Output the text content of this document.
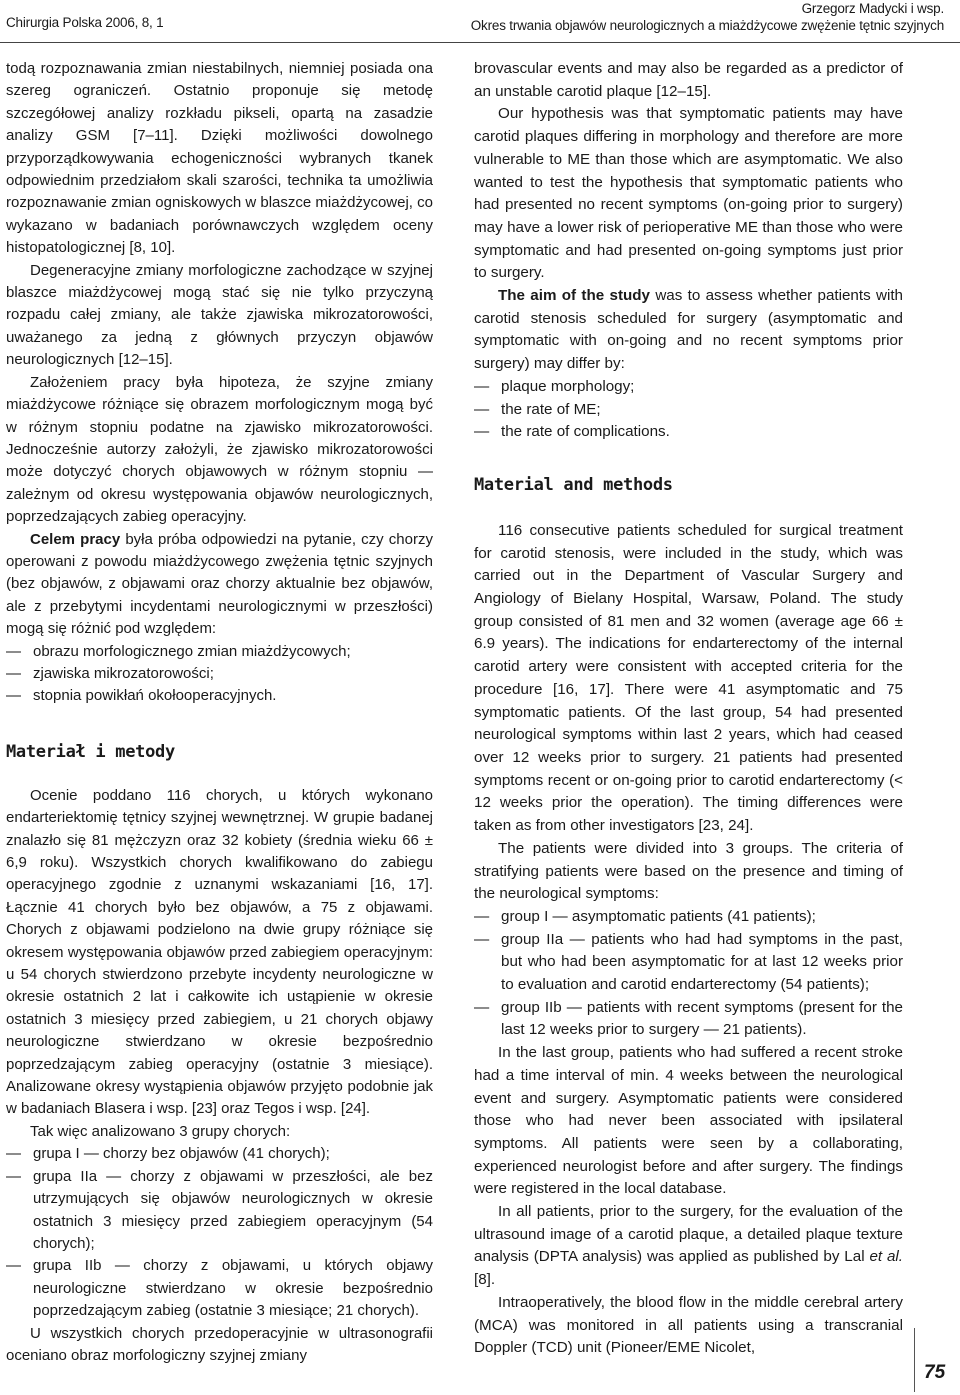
Chirurgia Polska 2006, 8, 1
Grzegorz Madycki i wsp.
Okres trwania objawów neurologicznych a miażdżycowe zwężenie tętnic szyjnych

todą rozpoznawania zmian niestabilnych, niemniej posiada ona szereg ograniczeń. Ostatnio proponuje się metodę szczegółowej analizy rozkładu pikseli, opartą na zasadzie analizy GSM [7–11]. Dzięki możliwości dowolnego przyporządkowywania echogeniczności wybranych tkanek odpowiednim przedziałom skali szarości, technika ta umożliwia rozpoznawanie zmian ogniskowych w blaszce miażdżycowej, co wykazano w badaniach porównawczych względem oceny histopatologicznej [8, 10].

Degeneracyjne zmiany morfologiczne zachodzące w szyjnej blaszce miażdżycowej mogą stać się nie tylko przyczyną rozpadu całej zmiany, ale także zjawiska mikrozatorowości, uważanego za jedną z głównych przyczyn objawów neurologicznych [12–15].

Założeniem pracy była hipoteza, że szyjne zmiany miażdżycowe różniące się obrazem morfologicznym mogą być w różnym stopniu podatne na zjawisko mikrozatorowości. Jednocześnie autorzy założyli, że zjawisko mikrozatorowości może dotyczyć chorych objawowych w różnym stopniu — zależnym od okresu występowania objawów neurologicznych, poprzedzających zabieg operacyjny.

Celem pracy była próba odpowiedzi na pytanie, czy chorzy operowani z powodu miażdżycowego zwężenia tętnic szyjnych (bez objawów, z objawami oraz chorzy aktualnie bez objawów, ale z przebytymi incydentami neurologicznymi w przeszłości) mogą się różnić pod względem:

— obrazu morfologicznego zmian miażdżycowych;
— zjawiska mikrozatorowości;
— stopnia powikłań okołooperacyjnych.
Materiał i metody

Ocenie poddano 116 chorych, u których wykonano endarteriektomię tętnicy szyjnej wewnętrznej. W grupie badanej znalazło się 81 mężczyzn oraz 32 kobiety (średnia wieku 66 ± 6,9 roku). Wszystkich chorych kwalifikowano do zabiegu operacyjnego zgodnie z uznanymi wskazaniami [16, 17]. Łącznie 41 chorych było bez objawów, a 75 z objawami. Chorych z objawami podzielono na dwie grupy różniące się okresem występowania objawów przed zabiegiem operacyjnym: u 54 chorych stwierdzono przebyte incydenty neurologiczne w okresie ostatnich 2 lat i całkowite ich ustąpienie w okresie ostatnich 3 miesięcy przed zabiegiem, u 21 chorych objawy neurologiczne stwierdzano w okresie bezpośrednio poprzedzającym zabieg operacyjny (ostatnie 3 miesiące). Analizowane okresy wystąpienia objawów przyjęto podobnie jak w badaniach Blasera i wsp. [23] oraz Tegos i wsp. [24].

Tak więc analizowano 3 grupy chorych:

— grupa I — chorzy bez objawów (41 chorych);
— grupa IIa — chorzy z objawami w przeszłości, ale bez utrzymujących się objawów neurologicznych w okresie ostatnich 3 miesięcy przed zabiegiem operacyjnym (54 chorych);
— grupa IIb — chorzy z objawami, u których objawy neurologiczne stwierdzano w okresie bezpośrednio poprzedzającym zabieg (ostatnie 3 miesiące; 21 chorych).

U wszystkich chorych przedoperacyjnie w ultrasonografii oceniano obraz morfologiczny szyjnej zmiany

brovascular events and may also be regarded as a predictor of an unstable carotid plaque [12–15].

Our hypothesis was that symptomatic patients may have carotid plaques differing in morphology and therefore are more vulnerable to ME than those which are asymptomatic. We also wanted to test the hypothesis that symptomatic patients who had presented no recent symptoms (on-going prior to surgery) may have a lower risk of perioperative ME than those who were symptomatic and had presented on-going symptoms just prior to surgery.

The aim of the study was to assess whether patients with carotid stenosis scheduled for surgery (asymptomatic and symptomatic with on-going and no recent symptoms prior surgery) may differ by:

— plaque morphology;
— the rate of ME;
— the rate of complications.
Material and methods

116 consecutive patients scheduled for surgical treatment for carotid stenosis, were included in the study, which was carried out in the Department of Vascular Surgery and Angiology of Bielany Hospital, Warsaw, Poland. The study group consisted of 81 men and 32 women (average age 66 ± 6.9 years). The indications for endarterectomy of the internal carotid artery were consistent with accepted criteria for the procedure [16, 17]. There were 41 asymptomatic and 75 symptomatic patients. Of the last group, 54 had presented neurological symptoms within last 2 years, which had ceased over 12 weeks prior to surgery. 21 patients had presented symptoms recent or on-going prior to carotid endarterectomy (< 12 weeks prior the operation). The timing differences were taken as from other investigators [23, 24].

The patients were divided into 3 groups. The criteria of stratifying patients were based on the presence and timing of the neurological symptoms:

— group I — asymptomatic patients (41 patients);
— group IIa — patients who had had symptoms in the past, but who had been asymptomatic for at last 12 weeks prior to evaluation and carotid endarterectomy (54 patients);
— group IIb — patients with recent symptoms (present for the last 12 weeks prior to surgery — 21 patients).

In the last group, patients who had suffered a recent stroke had a time interval of min. 4 weeks between the neurological event and surgery. Asymptomatic patients were considered those who had never been associated with ipsilateral symptoms. All patients were seen by a collaborating, experienced neurologist before and after surgery. The findings were registered in the local database.

In all patients, prior to the surgery, for the evaluation of the ultrasound image of a carotid plaque, a detailed plaque texture analysis (DPTA analysis) was applied as published by Lal et al. [8].

Intraoperatively, the blood flow in the middle cerebral artery (MCA) was monitored in all patients using a transcranial Doppler (TCD) unit (Pioneer/EME Nicolet,

75
